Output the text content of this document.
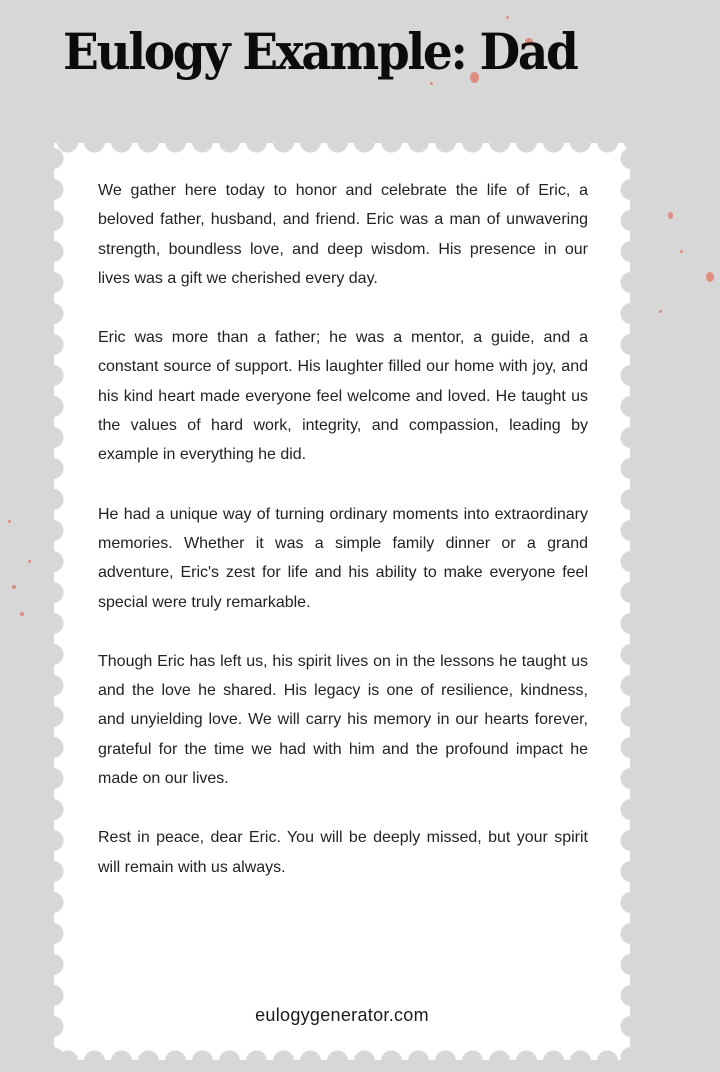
Eulogy Example: Dad

We gather here today to honor and celebrate the life of Eric, a beloved father, husband, and friend. Eric was a man of unwavering strength, boundless love, and deep wisdom. His presence in our lives was a gift we cherished every day.

Eric was more than a father; he was a mentor, a guide, and a constant source of support. His laughter filled our home with joy, and his kind heart made everyone feel welcome and loved. He taught us the values of hard work, integrity, and compassion, leading by example in everything he did.

He had a unique way of turning ordinary moments into extraordinary memories. Whether it was a simple family dinner or a grand adventure, Eric's zest for life and his ability to make everyone feel special were truly remarkable.

Though Eric has left us, his spirit lives on in the lessons he taught us and the love he shared. His legacy is one of resilience, kindness, and unyielding love. We will carry his memory in our hearts forever, grateful for the time we had with him and the profound impact he made on our lives.

Rest in peace, dear Eric. You will be deeply missed, but your spirit will remain with us always.

eulogygenerator.com
